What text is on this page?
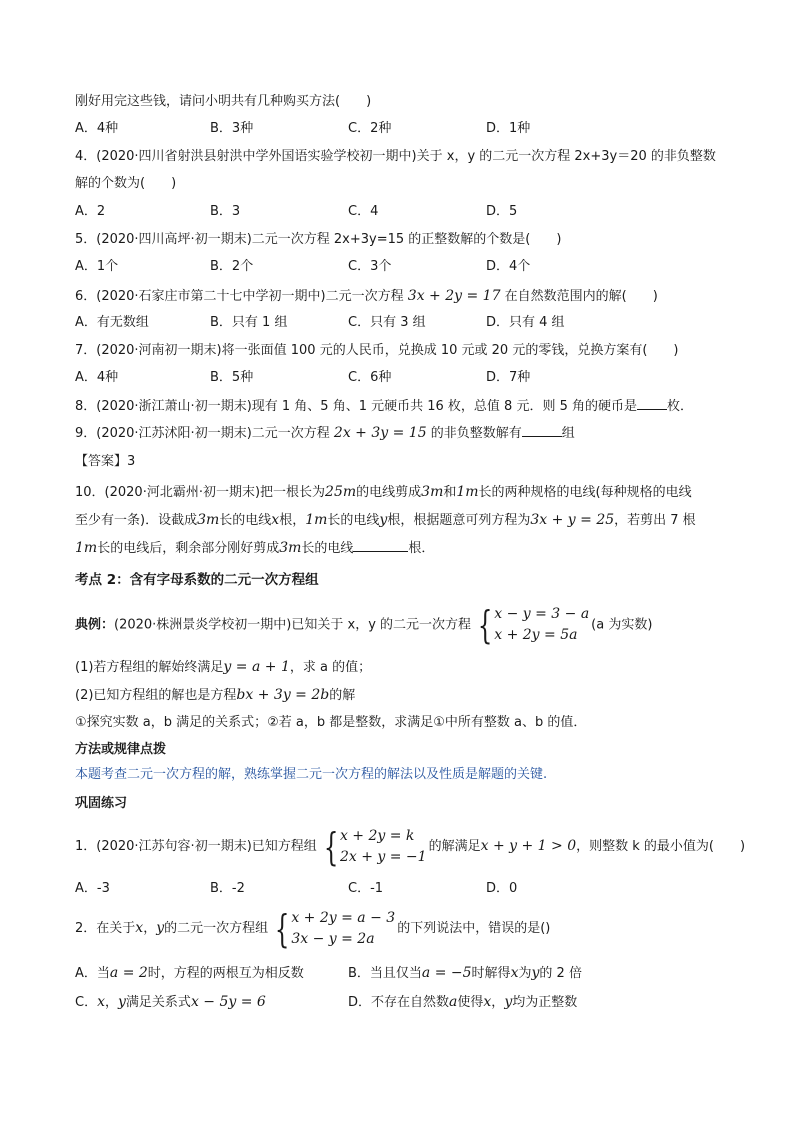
刚好用完这些钱，请问小明共有几种购买方法(　　)
A．4种	B．3种	C．2种	D．1种
4．(2020·四川省射洪县射洪中学外国语实验学校初一期中)关于 x，y 的二元一次方程 2x+3y＝20 的非负整数
解的个数为(　　)
A．2	B．3	C．4	D．5
5．(2020·四川高坪·初一期末)二元一次方程 2x+3y=15 的正整数解的个数是(　　)
A．1个	B．2个	C．3个	D．4个
6．(2020·石家庄市第二十七中学初一期中)二元一次方程 3x + 2y = 17 在自然数范围内的解(　　)
A．有无数组	B．只有 1 组	C．只有 3 组	D．只有 4 组
7．(2020·河南初一期末)将一张面值 100 元的人民币，兑换成 10 元或 20 元的零钱，兑换方案有(　　)
A．4种	B．5种	C．6种	D．7种
8．(2020·浙江萧山·初一期末)现有 1 角、5 角、1 元硬币共 16 枚，总值 8 元．则 5 角的硬币是 枚．
9．(2020·江苏沭阳·初一期末)二元一次方程 2x + 3y = 15 的非负整数解有	组
【答案】3
10．(2020·河北霸州·初一期末)把一根长为25m的电线剪成3m和1m长的两种规格的电线(每种规格的电线
至少有一条)．设截成3m长的电线x根，1m长的电线y根，根据题意可列方程为3x + y = 25，若剪出 7 根
1m长的电线后，剩余部分刚好剪成3m长的电线	根．
考点 2：含有字母系数的二元一次方程组
典例：(2020·株洲景炎学校初一期中)已知关于 x，y 的二元一次方程 { x − y = 3 − a
x + 2y = 5a
(a 为实数)
(1)若方程组的解始终满足y = a + 1，求 a 的值；
(2)已知方程组的解也是方程bx + 3y = 2b的解
①探究实数 a，b 满足的关系式；②若 a，b 都是整数，求满足①中所有整数 a、b 的值．
方法或规律点拨
本题考查二元一次方程的解，熟练掌握二元一次方程的解法以及性质是解题的关键.
巩固练习
1．(2020·江苏句容·初一期末)已知方程组 { x + 2y = k
2x + y = −1
的解满足x + y + 1 > 0，则整数 k 的最小值为(　　)
A．-3	B．-2	C．-1	D．0
2．在关于x，y的二元一次方程组 { x + 2y = a − 3
3x − y = 2a
的下列说法中，错误的是()
A．当a = 2时，方程的两根互为相反数	B．当且仅当a = −5时解得x为y的 2 倍
C．x，y满足关系式x − 5y = 6	D．不存在自然数a使得x，y均为正整数
